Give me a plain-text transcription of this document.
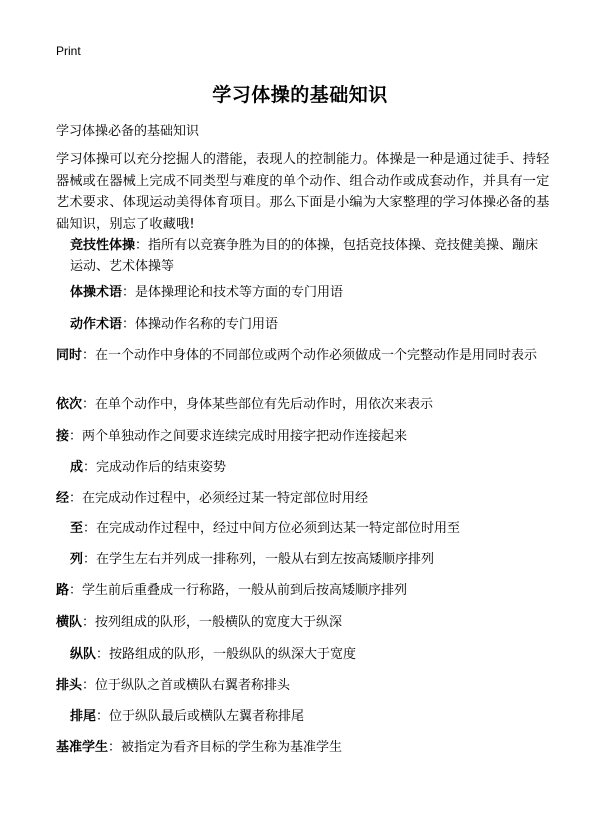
Print
学习体操的基础知识
学习体操必备的基础知识
学习体操可以充分挖掘人的潜能，表现人的控制能力。体操是一种是通过徒手、持轻器械或在器械上完成不同类型与难度的单个动作、组合动作或成套动作，并具有一定艺术要求、体现运动美得体育项目。那么下面是小编为大家整理的学习体操必备的基础知识，别忘了收藏哦!
竞技性体操：指所有以竞赛争胜为目的的体操，包括竞技体操、竞技健美操、蹦床运动、艺术体操等
体操术语：是体操理论和技术等方面的专门用语
动作术语：体操动作名称的专门用语
同时：在一个动作中身体的不同部位或两个动作必须做成一个完整动作是用同时表示
依次：在单个动作中，身体某些部位有先后动作时，用依次来表示
接：两个单独动作之间要求连续完成时用接字把动作连接起来
成：完成动作后的结束姿势
经：在完成动作过程中，必须经过某一特定部位时用经
至：在完成动作过程中，经过中间方位必须到达某一特定部位时用至
列：在学生左右并列成一排称列，一般从右到左按高矮顺序排列
路：学生前后重叠成一行称路，一般从前到后按高矮顺序排列
横队：按列组成的队形，一般横队的宽度大于纵深
纵队：按路组成的队形，一般纵队的纵深大于宽度
排头：位于纵队之首或横队右翼者称排头
排尾：位于纵队最后或横队左翼者称排尾
基准学生：被指定为看齐目标的学生称为基准学生
